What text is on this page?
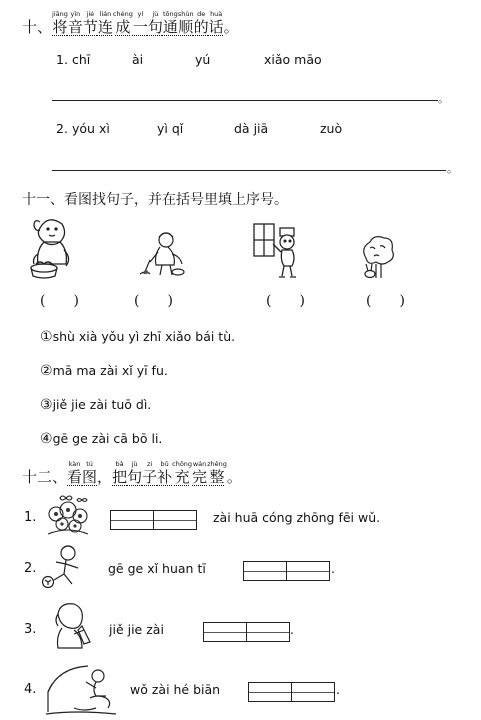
十、
jiāng
将
yīn
音
jié
节
lián
连
chéng
成
yí
一
jù
句
tōng
通
shùn
顺
de
的
huà
话
。
1. chī	ài	yú	xiǎo māo
。
2. yóu xì	yì qǐ	dà jiā	zuò
。
十一、看图找句子，并在括号里填上序号。
(　　)	(　　)	(　　)	(　　)
①shù xià yǒu yì zhī xiǎo bái tù.
②mā ma zài xǐ yī fu.
③jiě jie zài tuō dì.
④gē ge zài cā bō li.
十二、
kàn
看
tú
图
，
bǎ
把
jù
句
zi
子
bǔ
补
chōng
充
wán
完
zhěng
整
。
1.	zài huā cóng zhōng fēi wǔ.
2.	gē ge xǐ huan tī	.
3.	jiě jie zài	.
4.	wǒ zài hé biān	.
